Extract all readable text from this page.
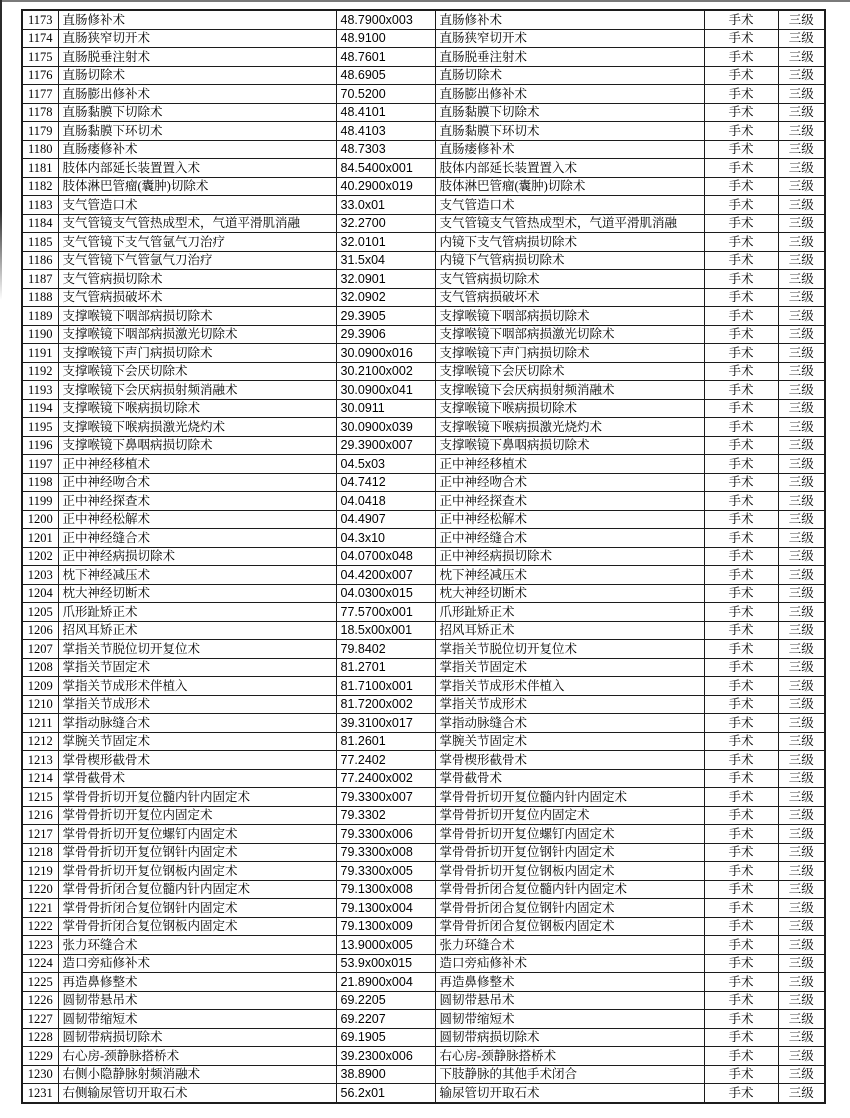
1173	直肠修补术	48.7900x003	直肠修补术	手术	三级
1174	直肠狭窄切开术	48.9100	直肠狭窄切开术	手术	三级
1175	直肠脱垂注射术	48.7601	直肠脱垂注射术	手术	三级
1176	直肠切除术	48.6905	直肠切除术	手术	三级
1177	直肠膨出修补术	70.5200	直肠膨出修补术	手术	三级
1178	直肠黏膜下切除术	48.4101	直肠黏膜下切除术	手术	三级
1179	直肠黏膜下环切术	48.4103	直肠黏膜下环切术	手术	三级
1180	直肠瘘修补术	48.7303	直肠瘘修补术	手术	三级
1181	肢体内部延长装置置入术	84.5400x001	肢体内部延长装置置入术	手术	三级
1182	肢体淋巴管瘤(囊肿)切除术	40.2900x019	肢体淋巴管瘤(囊肿)切除术	手术	三级
1183	支气管造口术	33.0x01	支气管造口术	手术	三级
1184	支气管镜支气管热成型术，气道平滑肌消融	32.2700	支气管镜支气管热成型术，气道平滑肌消融	手术	三级
1185	支气管镜下支气管氩气刀治疗	32.0101	内镜下支气管病损切除术	手术	三级
1186	支气管镜下气管氩气刀治疗	31.5x04	内镜下气管病损切除术	手术	三级
1187	支气管病损切除术	32.0901	支气管病损切除术	手术	三级
1188	支气管病损破坏术	32.0902	支气管病损破坏术	手术	三级
1189	支撑喉镜下咽部病损切除术	29.3905	支撑喉镜下咽部病损切除术	手术	三级
1190	支撑喉镜下咽部病损激光切除术	29.3906	支撑喉镜下咽部病损激光切除术	手术	三级
1191	支撑喉镜下声门病损切除术	30.0900x016	支撑喉镜下声门病损切除术	手术	三级
1192	支撑喉镜下会厌切除术	30.2100x002	支撑喉镜下会厌切除术	手术	三级
1193	支撑喉镜下会厌病损射频消融术	30.0900x041	支撑喉镜下会厌病损射频消融术	手术	三级
1194	支撑喉镜下喉病损切除术	30.0911	支撑喉镜下喉病损切除术	手术	三级
1195	支撑喉镜下喉病损激光烧灼术	30.0900x039	支撑喉镜下喉病损激光烧灼术	手术	三级
1196	支撑喉镜下鼻咽病损切除术	29.3900x007	支撑喉镜下鼻咽病损切除术	手术	三级
1197	正中神经移植术	04.5x03	正中神经移植术	手术	三级
1198	正中神经吻合术	04.7412	正中神经吻合术	手术	三级
1199	正中神经探查术	04.0418	正中神经探查术	手术	三级
1200	正中神经松解术	04.4907	正中神经松解术	手术	三级
1201	正中神经缝合术	04.3x10	正中神经缝合术	手术	三级
1202	正中神经病损切除术	04.0700x048	正中神经病损切除术	手术	三级
1203	枕下神经减压术	04.4200x007	枕下神经减压术	手术	三级
1204	枕大神经切断术	04.0300x015	枕大神经切断术	手术	三级
1205	爪形趾矫正术	77.5700x001	爪形趾矫正术	手术	三级
1206	招风耳矫正术	18.5x00x001	招风耳矫正术	手术	三级
1207	掌指关节脱位切开复位术	79.8402	掌指关节脱位切开复位术	手术	三级
1208	掌指关节固定术	81.2701	掌指关节固定术	手术	三级
1209	掌指关节成形术伴植入	81.7100x001	掌指关节成形术伴植入	手术	三级
1210	掌指关节成形术	81.7200x002	掌指关节成形术	手术	三级
1211	掌指动脉缝合术	39.3100x017	掌指动脉缝合术	手术	三级
1212	掌腕关节固定术	81.2601	掌腕关节固定术	手术	三级
1213	掌骨楔形截骨术	77.2402	掌骨楔形截骨术	手术	三级
1214	掌骨截骨术	77.2400x002	掌骨截骨术	手术	三级
1215	掌骨骨折切开复位髓内针内固定术	79.3300x007	掌骨骨折切开复位髓内针内固定术	手术	三级
1216	掌骨骨折切开复位内固定术	79.3302	掌骨骨折切开复位内固定术	手术	三级
1217	掌骨骨折切开复位螺钉内固定术	79.3300x006	掌骨骨折切开复位螺钉内固定术	手术	三级
1218	掌骨骨折切开复位钢针内固定术	79.3300x008	掌骨骨折切开复位钢针内固定术	手术	三级
1219	掌骨骨折切开复位钢板内固定术	79.3300x005	掌骨骨折切开复位钢板内固定术	手术	三级
1220	掌骨骨折闭合复位髓内针内固定术	79.1300x008	掌骨骨折闭合复位髓内针内固定术	手术	三级
1221	掌骨骨折闭合复位钢针内固定术	79.1300x004	掌骨骨折闭合复位钢针内固定术	手术	三级
1222	掌骨骨折闭合复位钢板内固定术	79.1300x009	掌骨骨折闭合复位钢板内固定术	手术	三级
1223	张力环缝合术	13.9000x005	张力环缝合术	手术	三级
1224	造口旁疝修补术	53.9x00x015	造口旁疝修补术	手术	三级
1225	再造鼻修整术	21.8900x004	再造鼻修整术	手术	三级
1226	圆韧带悬吊术	69.2205	圆韧带悬吊术	手术	三级
1227	圆韧带缩短术	69.2207	圆韧带缩短术	手术	三级
1228	圆韧带病损切除术	69.1905	圆韧带病损切除术	手术	三级
1229	右心房-颈静脉搭桥术	39.2300x006	右心房-颈静脉搭桥术	手术	三级
1230	右侧小隐静脉射频消融术	38.8900	下肢静脉的其他手术闭合	手术	三级
1231	右侧输尿管切开取石术	56.2x01	输尿管切开取石术	手术	三级
